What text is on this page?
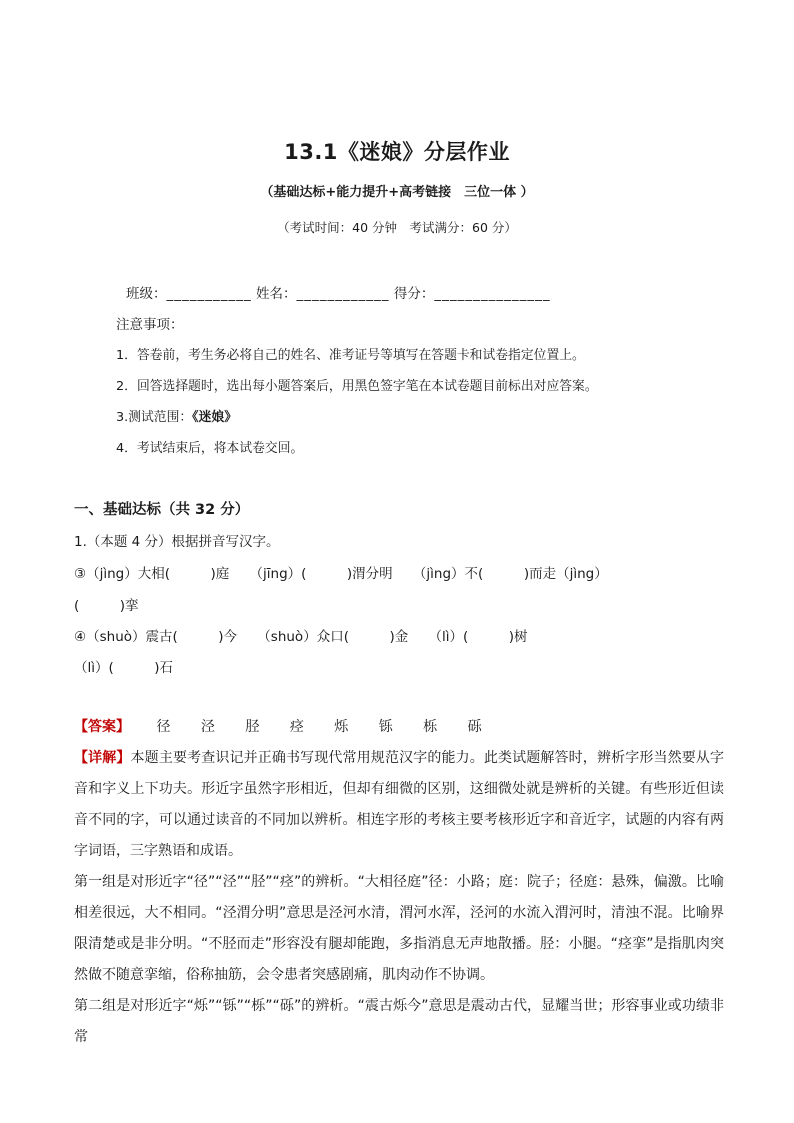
13.1《迷娘》分层作业
（基础达标+能力提升+高考链接　三位一体 ）
（考试时间：40 分钟　考试满分：60 分）
班级：___________ 姓名：____________ 得分：_______________
注意事项：
1．答卷前，考生务必将自己的姓名、准考证号等填写在答题卡和试卷指定位置上。
2．回答选择题时，选出每小题答案后，用黑色签字笔在本试卷题目前标出对应答案。
3.测试范围：《迷娘》
4．考试结束后，将本试卷交回。
一、基础达标（共 32 分）
1.（本题 4 分）根据拼音写汉字。
③（jìng）大相(　　　)庭　　（jīng）(　　　)渭分明　　（jìng）不(　　　)而走（jìng）
(　　　)挛
④（shuò）震古(　　　)今　　（shuò）众口(　　　)金　　（lì）(　　　)树
（lì）(　　　)石
【答案】 径 泾 胫 痉 烁 铄 栎 砾

【详解】本题主要考查识记并正确书写现代常用规范汉字的能力。此类试题解答时，辨析字形当然要从字音和字义上下功夫。形近字虽然字形相近，但却有细微的区别，这细微处就是辨析的关键。有些形近但读音不同的字，可以通过读音的不同加以辨析。相连字形的考核主要考核形近字和音近字，试题的内容有两字词语，三字熟语和成语。

第一组是对形近字“径”“泾”“胫”“痉”的辨析。“大相径庭”径：小路；庭：院子；径庭：悬殊，偏激。比喻相差很远，大不相同。“泾渭分明”意思是泾河水清，渭河水浑，泾河的水流入渭河时，清浊不混。比喻界限清楚或是非分明。“不胫而走”形容没有腿却能跑，多指消息无声地散播。胫：小腿。“痉挛”是指肌肉突然做不随意挛缩，俗称抽筋，会令患者突感剧痛，肌肉动作不协调。

第二组是对形近字“烁”“铄”“栎”“砾”的辨析。“震古烁今”意思是震动古代，显耀当世；形容事业或功绩非常
